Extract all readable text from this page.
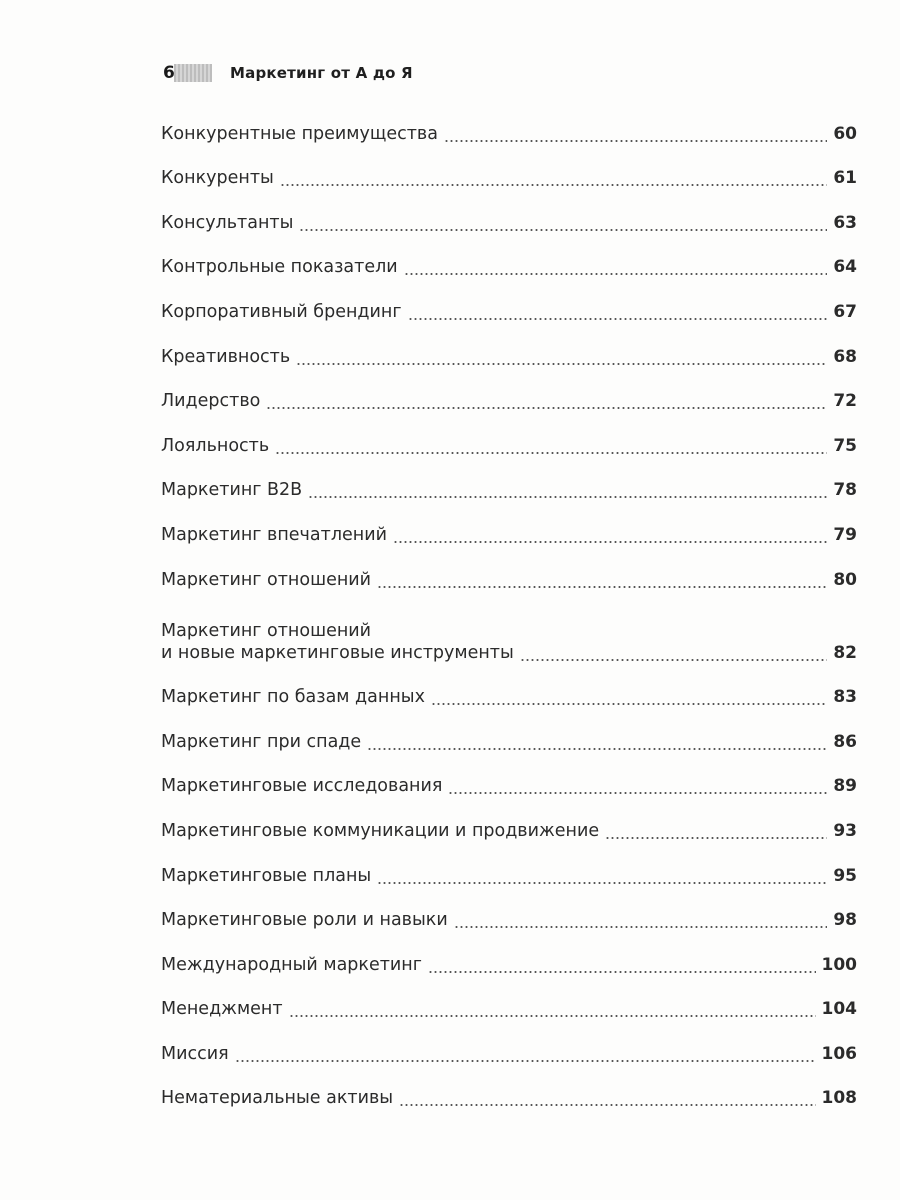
6	Маркетинг от А до Я
Конкурентные преимущества	60
Конкуренты	61
Консультанты	63
Контрольные показатели	64
Корпоративный брендинг	67
Креативность	68
Лидерство	72
Лояльность	75
Маркетинг B2B	78
Маркетинг впечатлений	79
Маркетинг отношений	80
Маркетинг отношений
и новые маркетинговые инструменты	82
Маркетинг по базам данных	83
Маркетинг при спаде	86
Маркетинговые исследования	89
Маркетинговые коммуникации и продвижение	93
Маркетинговые планы	95
Маркетинговые роли и навыки	98
Международный маркетинг	100
Менеджмент	104
Миссия	106
Нематериальные активы	108
